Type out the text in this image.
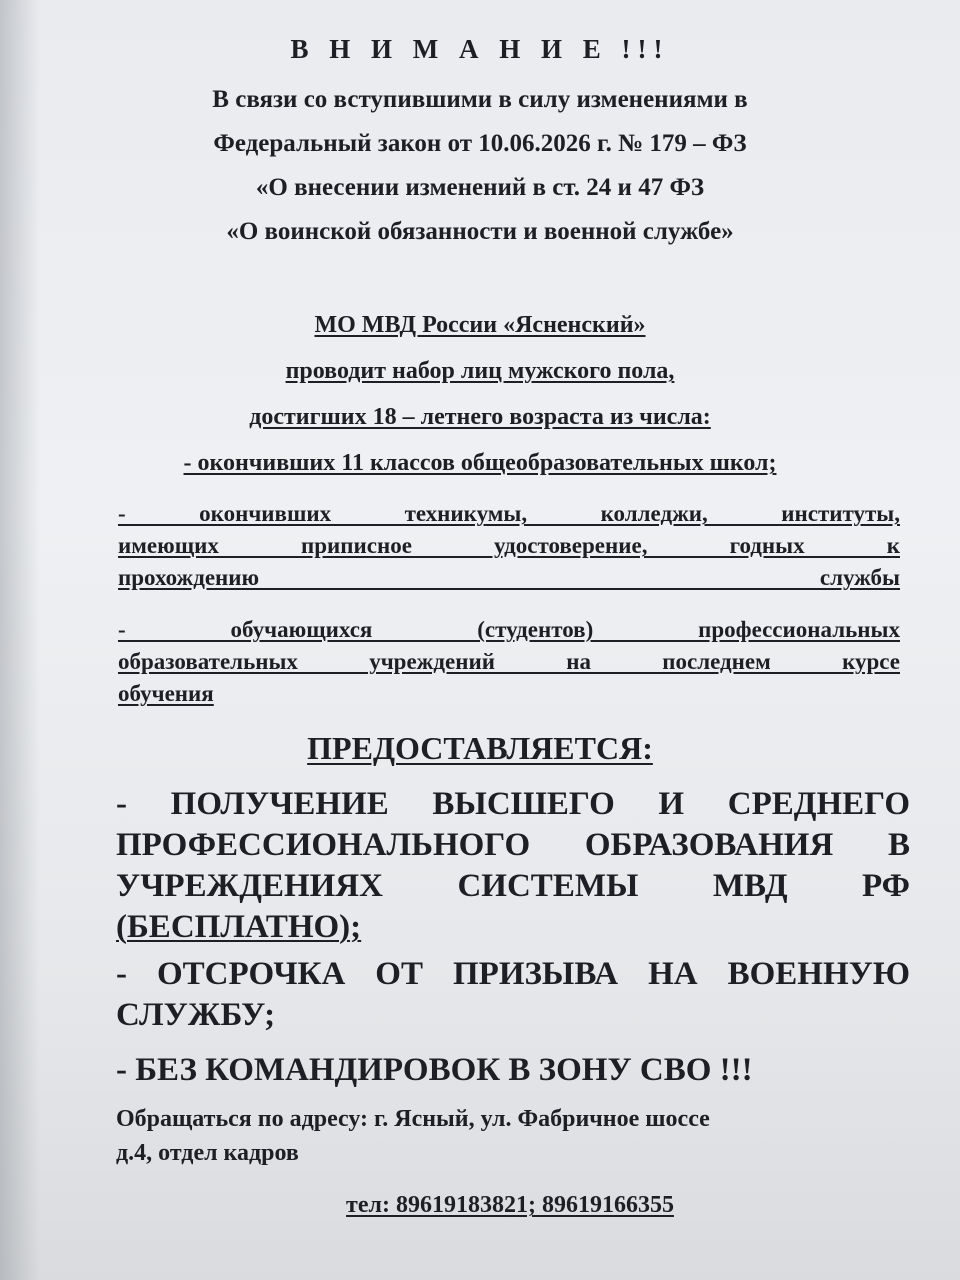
В Н И М А Н И Е !!!
В связи со вступившими в силу изменениями в
Федеральный закон от 10.06.2026 г. № 179 – ФЗ
«О внесении изменений в ст. 24 и 47 ФЗ
«О воинской обязанности и военной службе»
МО МВД России «Ясненский»
проводит набор лиц мужского пола,
достигших 18 – летнего возраста из числа:
- окончивших 11 классов общеобразовательных школ;
- окончивших техникумы, колледжи, институты,
имеющих приписное удостоверение, годных к
прохождению службы
- обучающихся (студентов) профессиональных
образовательных учреждений на последнем курсе
обучения
ПРЕДОСТАВЛЯЕТСЯ:
- ПОЛУЧЕНИЕ ВЫСШЕГО И СРЕДНЕГО
ПРОФЕССИОНАЛЬНОГО ОБРАЗОВАНИЯ В
УЧРЕЖДЕНИЯХ СИСТЕМЫ МВД РФ
(БЕСПЛАТНО);
- ОТСРОЧКА ОТ ПРИЗЫВА НА ВОЕННУЮ
СЛУЖБУ;
- БЕЗ КОМАНДИРОВОК В ЗОНУ СВО !!!
Обращаться по адресу: г. Ясный, ул. Фабричное шоссе
д.4, отдел кадров
тел: 89619183821; 89619166355
